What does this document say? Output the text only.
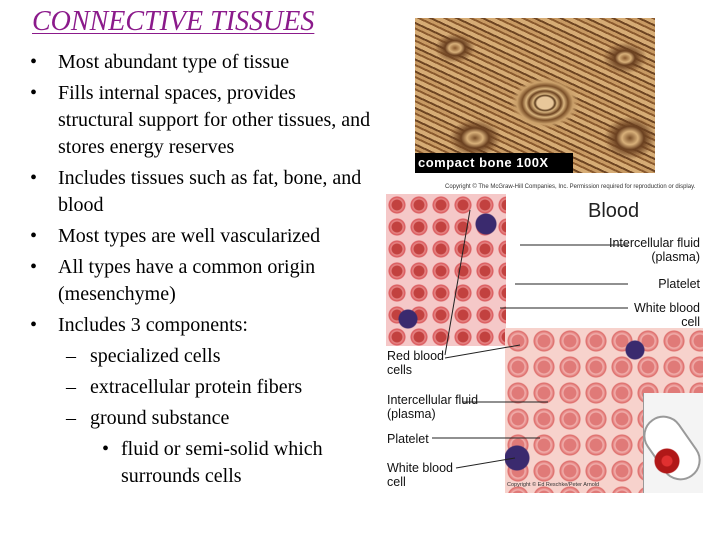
CONNECTIVE TISSUES
• Most abundant type of tissue
• Fills internal spaces, provides structural support for other tissues, and stores energy reserves
• Includes tissues such as fat, bone, and blood
• Most types are well vascularized
• All types have a common origin (mesenchyme)
• Includes 3 components:
– specialized cells
– extracellular protein fibers
– ground substance
• fluid or semi-solid which surrounds cells
compact bone 100X
Copyright © The McGraw-Hill Companies, Inc. Permission required for reproduction or display.
Blood
Intercellular fluid (plasma)
Platelet
White blood cell
Red blood cells
Intercellular fluid (plasma)
Platelet
White blood cell	Copyright © Ed Reschke/Peter Arnold
